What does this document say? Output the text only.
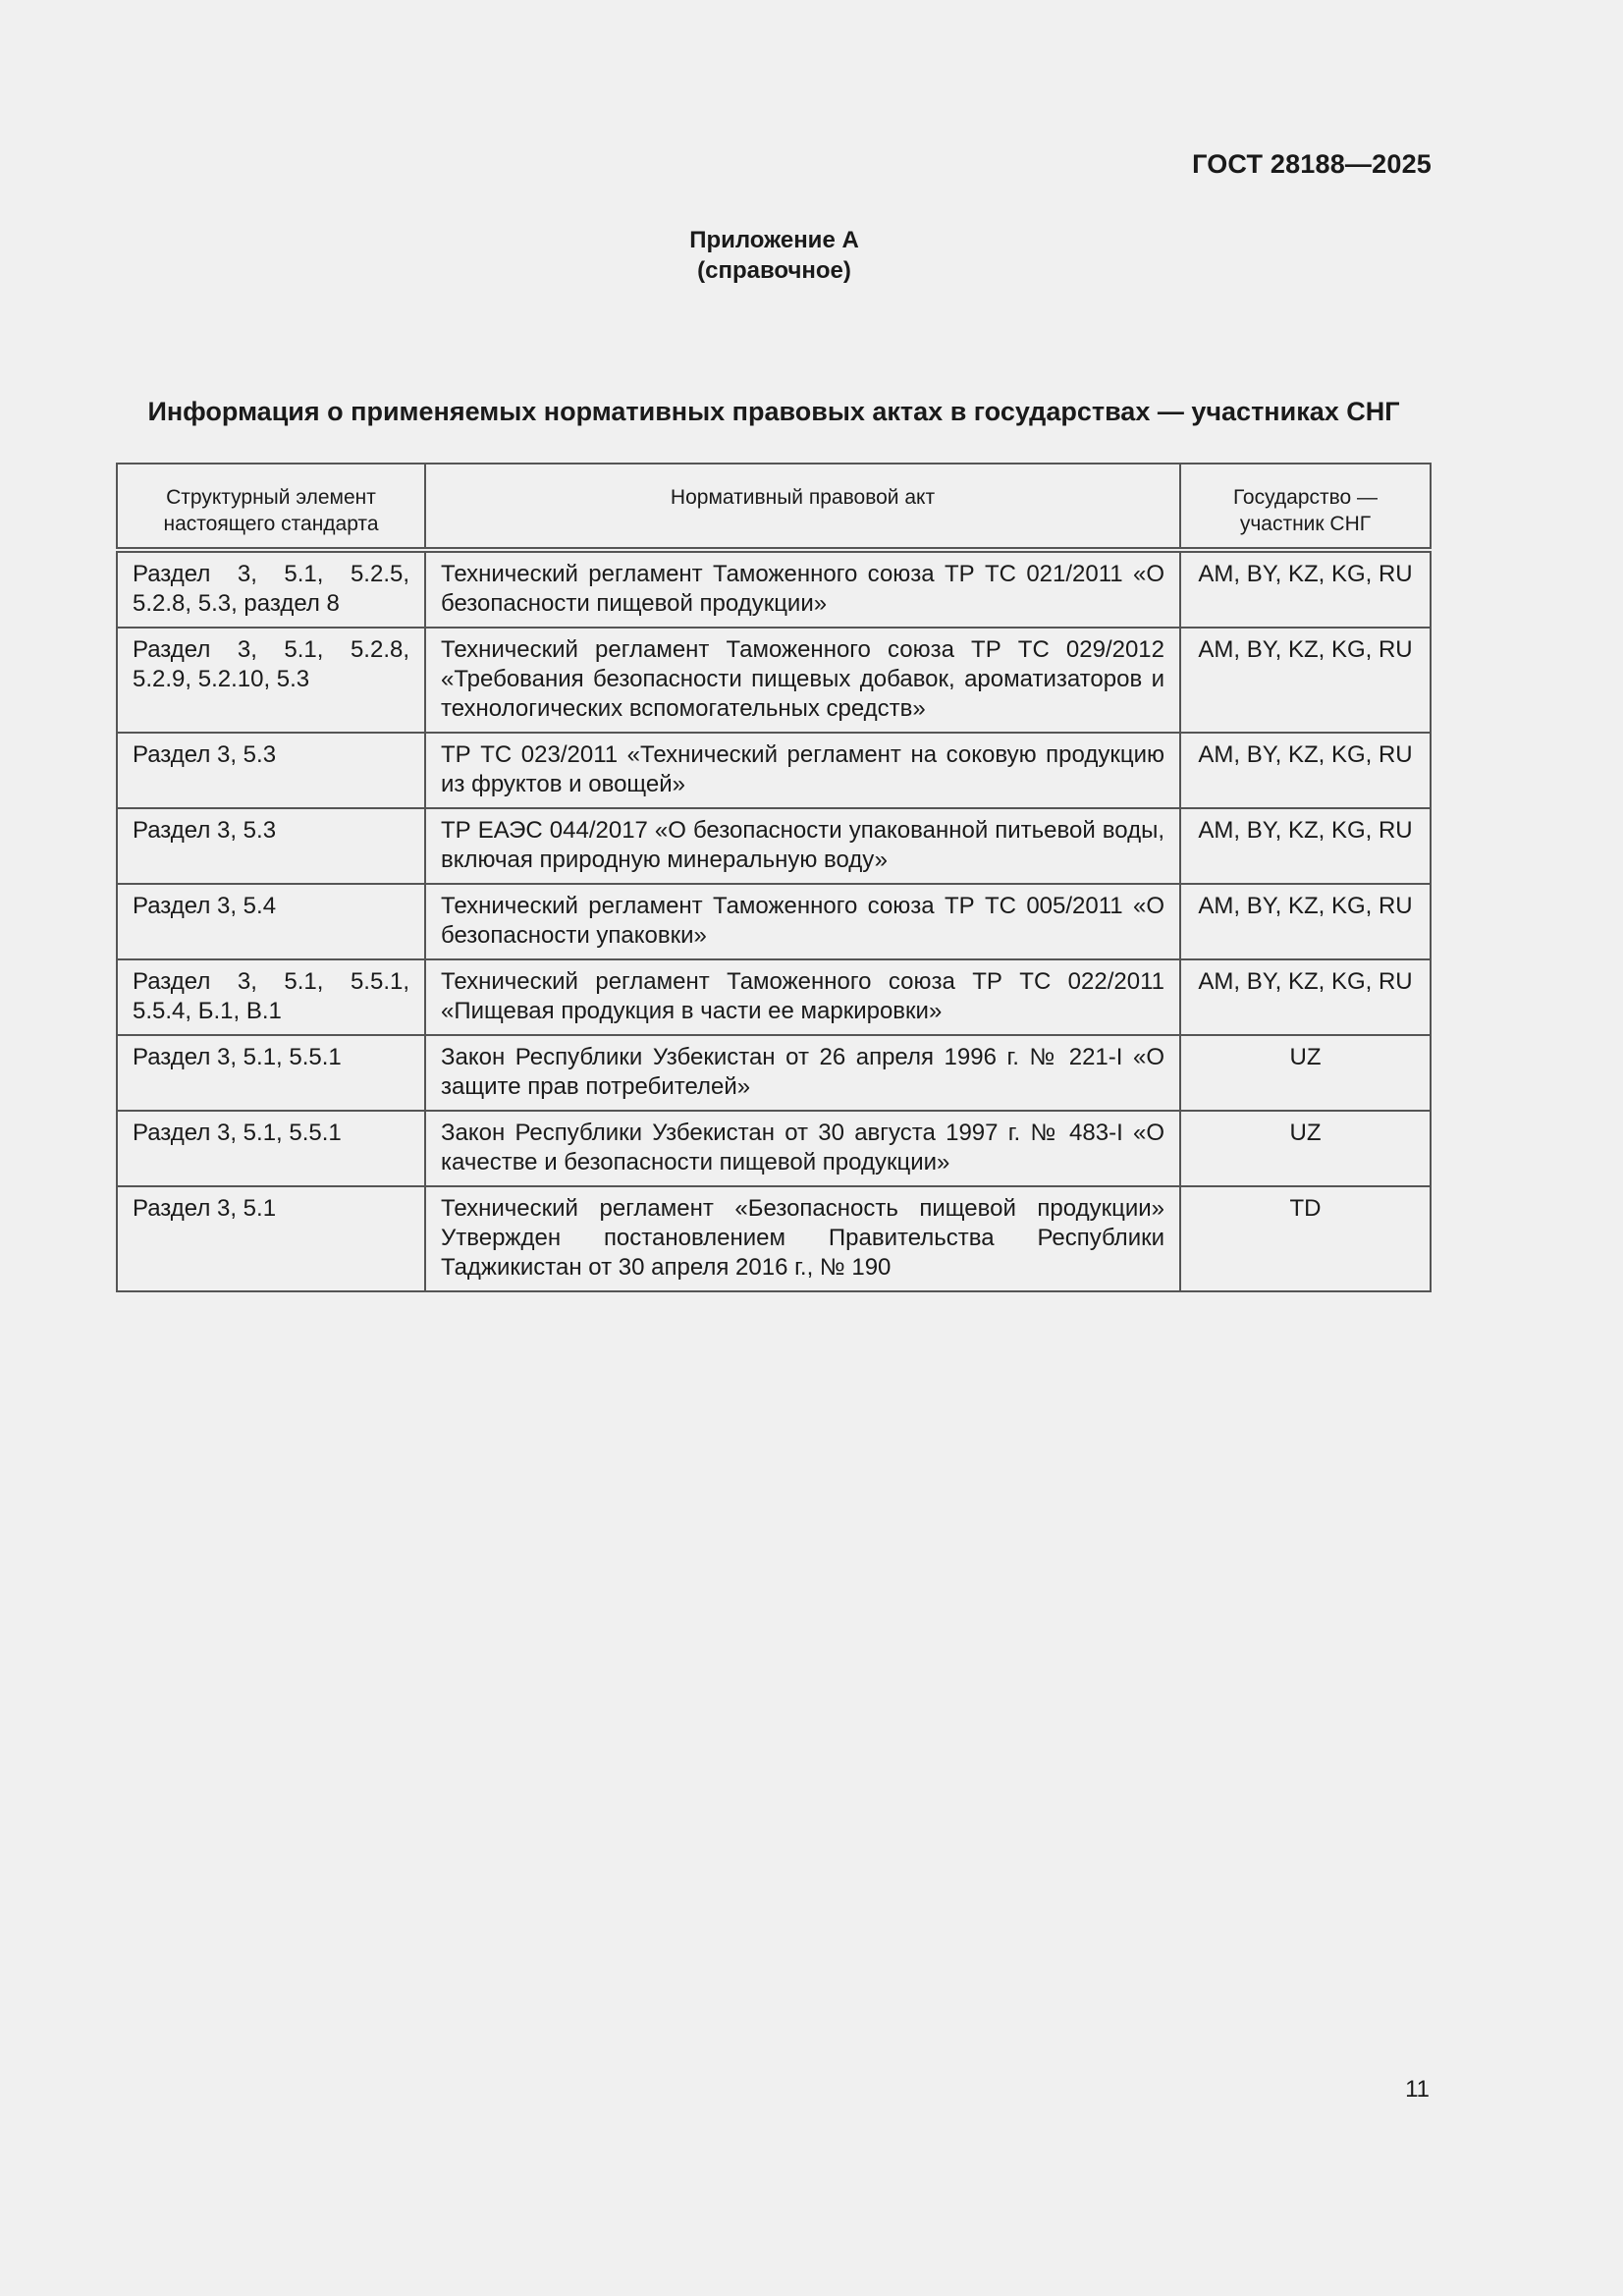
ГОСТ 28188—2025
Приложение А
(справочное)
Информация о применяемых нормативных правовых актах в государствах — участниках СНГ
Структурный элемент настоящего стандарта	Нормативный правовой акт	Государство — участник СНГ
Раздел 3, 5.1, 5.2.5, 5.2.8, 5.3, раздел 8	Технический регламент Таможенного союза ТР ТС 021/2011 «О безопасности пищевой продукции»	AM, BY, KZ, KG, RU
Раздел 3, 5.1, 5.2.8, 5.2.9, 5.2.10, 5.3	Технический регламент Таможенного союза ТР ТС 029/2012 «Требования безопасности пищевых добавок, ароматизаторов и технологических вспомогательных средств»	AM, BY, KZ, KG, RU
Раздел 3, 5.3	ТР ТС 023/2011 «Технический регламент на соковую продукцию из фруктов и овощей»	AM, BY, KZ, KG, RU
Раздел 3, 5.3	ТР ЕАЭС 044/2017 «О безопасности упакованной питьевой воды, включая природную минеральную воду»	AM, BY, KZ, KG, RU
Раздел 3, 5.4	Технический регламент Таможенного союза ТР ТС 005/2011 «О безопасности упаковки»	AM, BY, KZ, KG, RU
Раздел 3, 5.1, 5.5.1, 5.5.4, Б.1, В.1	Технический регламент Таможенного союза ТР ТС 022/2011 «Пищевая продукция в части ее маркировки»	AM, BY, KZ, KG, RU
Раздел 3, 5.1, 5.5.1	Закон Республики Узбекистан от 26 апреля 1996 г. № 221-I «О защите прав потребителей»	UZ
Раздел 3, 5.1, 5.5.1	Закон Республики Узбекистан от 30 августа 1997 г. № 483-I «О качестве и безопасности пищевой продукции»	UZ
Раздел 3, 5.1	Технический регламент «Безопасность пищевой продукции» Утвержден постановлением Правительства Республики Таджикистан от 30 апреля 2016 г., № 190	TD
11
